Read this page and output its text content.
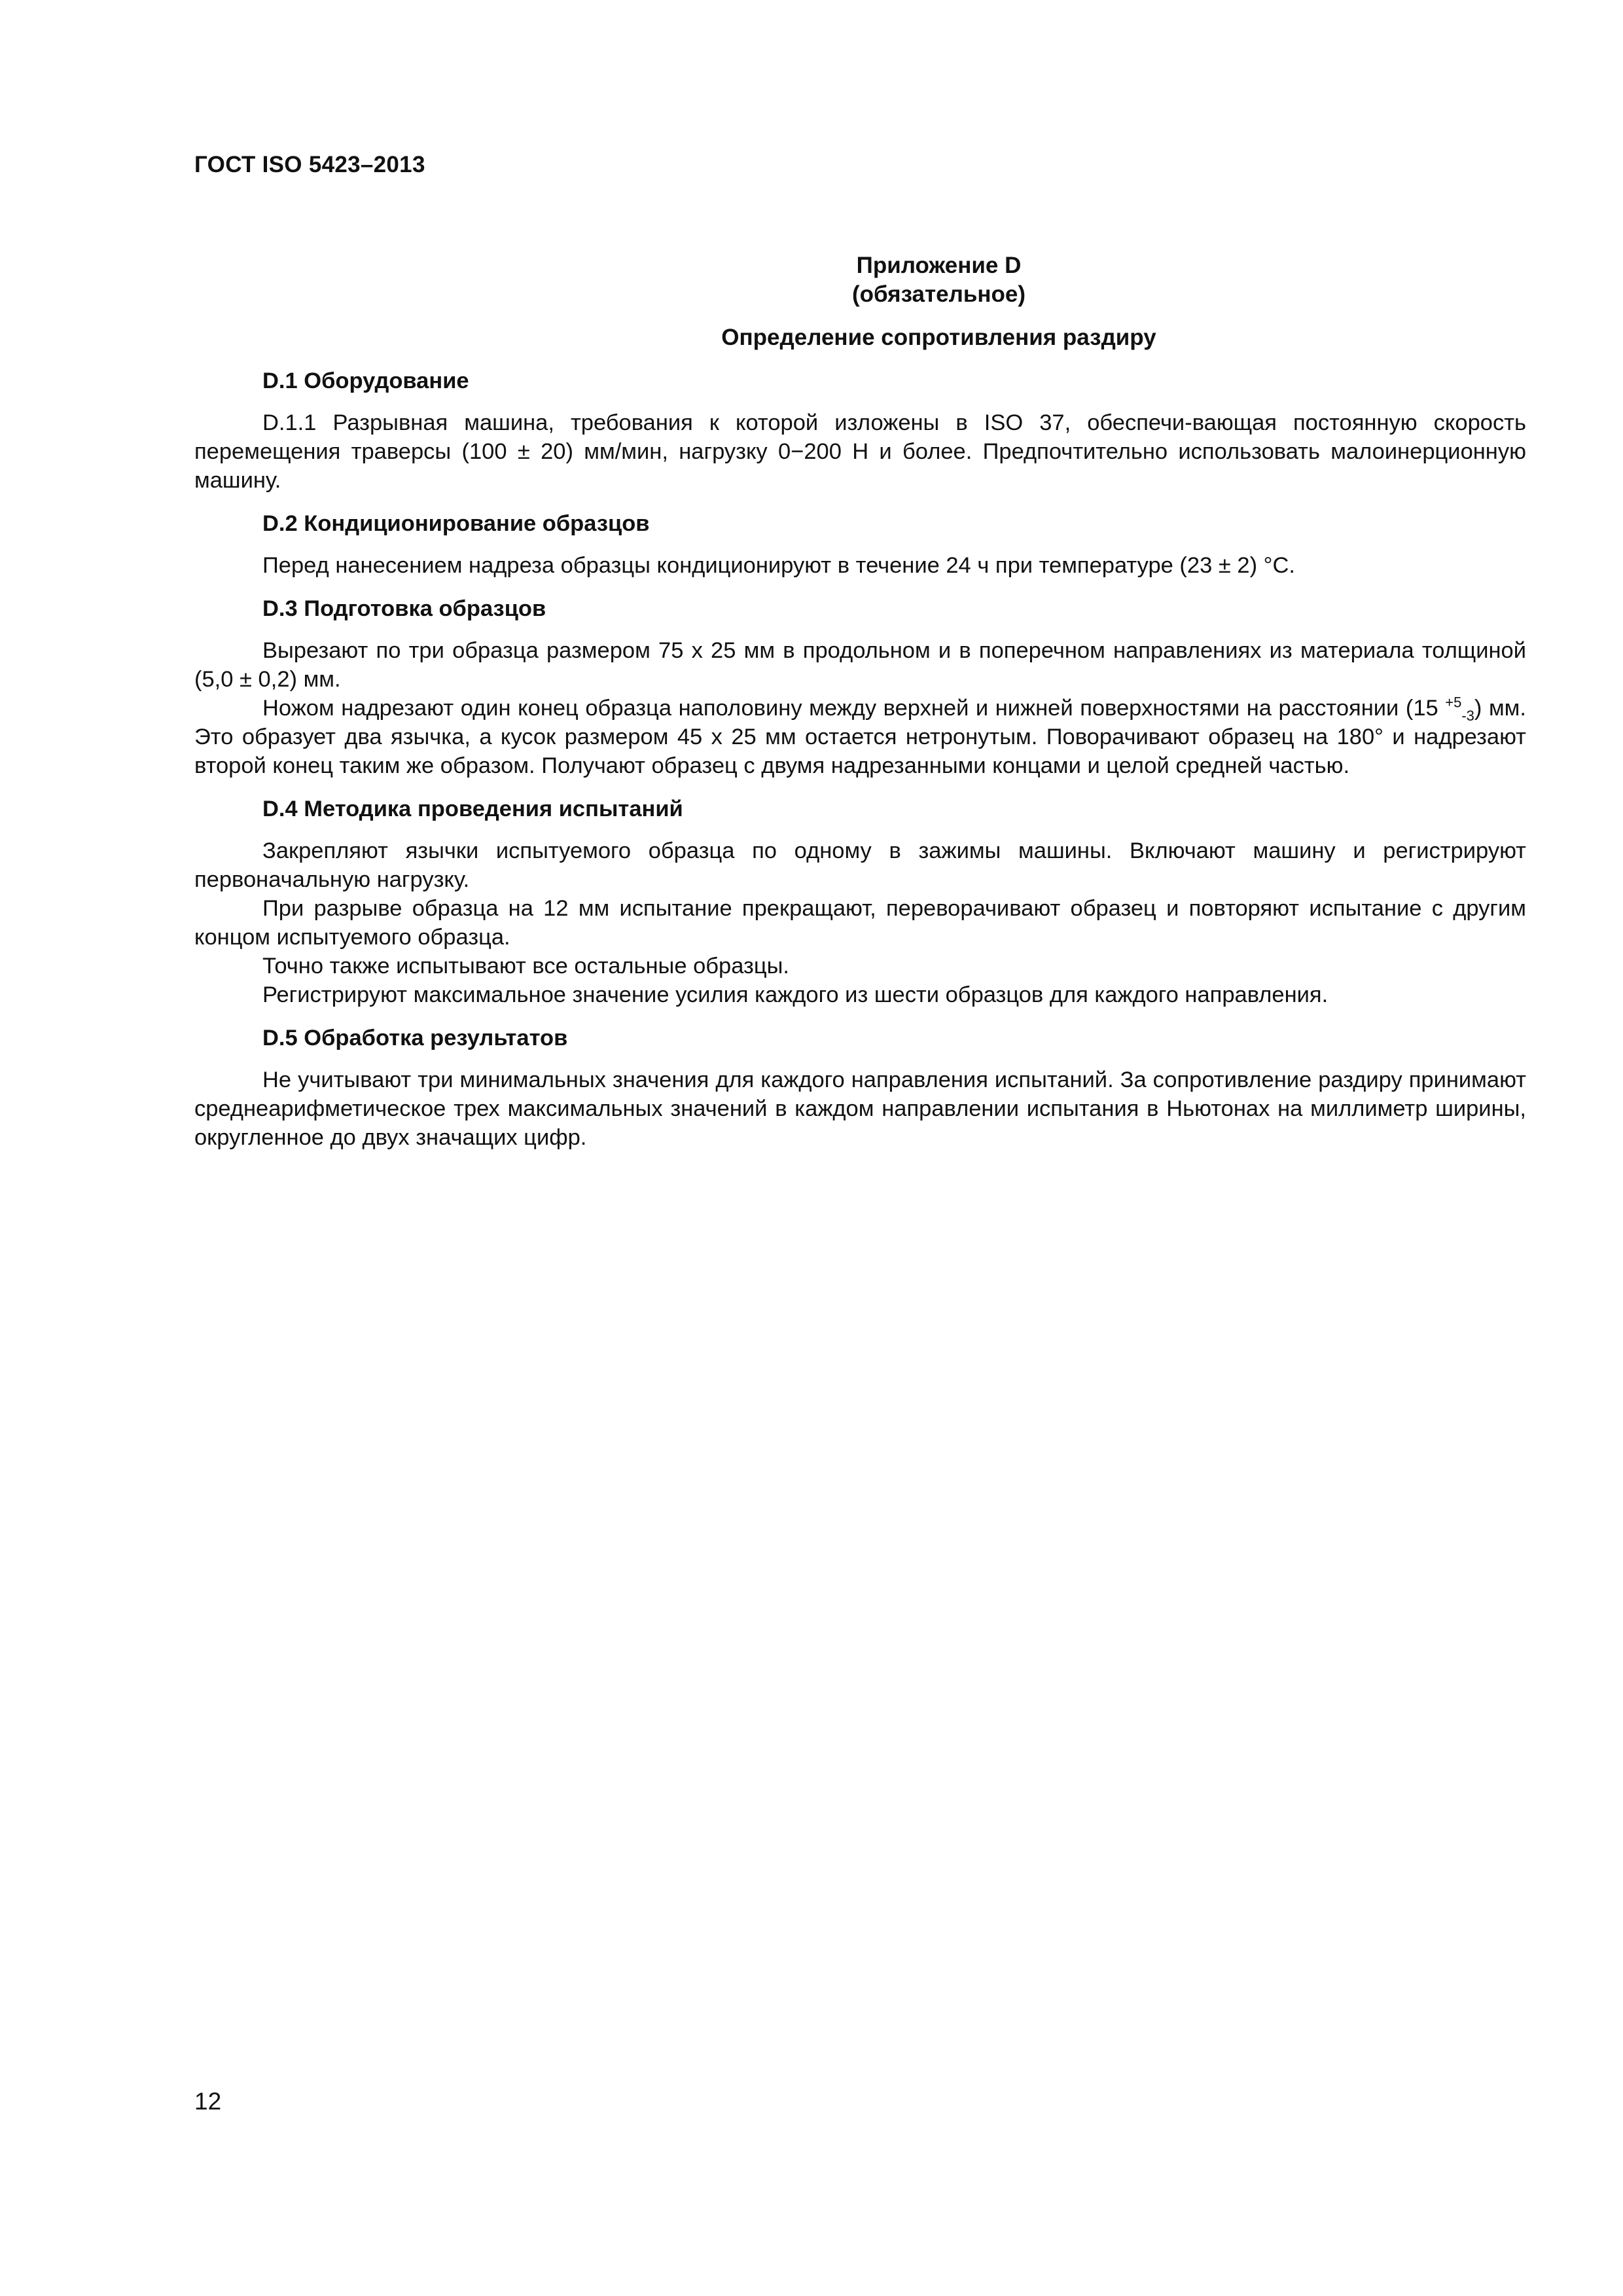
ГОСТ ISO 5423–2013
Приложение D
(обязательное)
Определение сопротивления раздиру
D.1 Оборудование

D.1.1 Разрывная машина, требования к которой изложены в ISO 37, обеспечи-вающая постоянную скорость перемещения траверсы (100 ± 20) мм/мин, нагрузку 0−200 Н и более. Предпочтительно использовать малоинерционную машину.

D.2 Кондиционирование образцов

Перед нанесением надреза образцы кондиционируют в течение 24 ч при температуре (23 ± 2) °C.

D.3 Подготовка образцов

Вырезают по три образца размером 75 x 25 мм в продольном и в поперечном направлениях из материала толщиной (5,0 ± 0,2) мм.

Ножом надрезают один конец образца наполовину между верхней и нижней поверхностями на расстоянии (15 $^{+5}_{-3}$) мм. Это образует два язычка, а кусок размером 45 x 25 мм остается нетронутым. Поворачивают образец на 180° и надрезают второй конец таким же образом. Получают образец с двумя надрезанными концами и целой средней частью.

D.4 Методика проведения испытаний

Закрепляют язычки испытуемого образца по одному в зажимы машины. Включают машину и регистрируют первоначальную нагрузку.

При разрыве образца на 12 мм испытание прекращают, переворачивают образец и повторяют испытание с другим концом испытуемого образца.

Точно также испытывают все остальные образцы.

Регистрируют максимальное значение усилия каждого из шести образцов для каждого направления.

D.5 Обработка результатов

Не учитывают три минимальных значения для каждого направления испытаний. За сопротивление раздиру принимают среднеарифметическое трех максимальных значений в каждом направлении испытания в Ньютонах на миллиметр ширины, округленное до двух значащих цифр.

12
